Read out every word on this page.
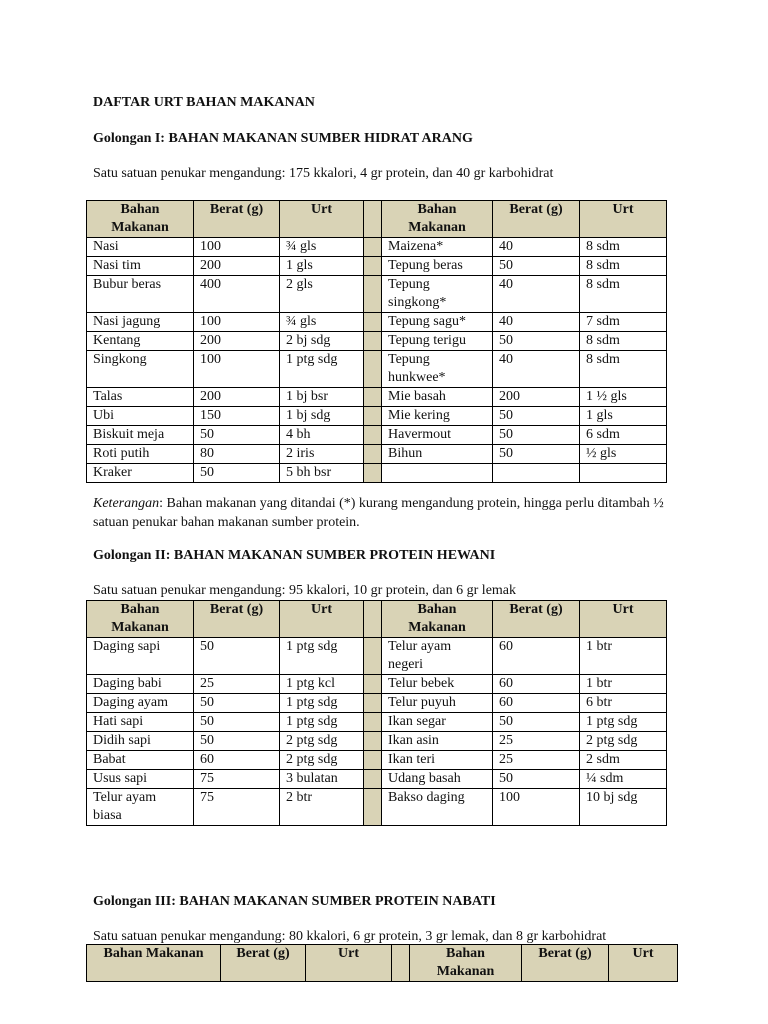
DAFTAR URT BAHAN MAKANAN

Golongan I: BAHAN MAKANAN SUMBER HIDRAT ARANG

Satu satuan penukar mengandung: 175 kkalori, 4 gr protein, dan 40 gr karbohidrat

Bahan Makanan	Berat (g)	Urt		Bahan Makanan	Berat (g)	Urt
Nasi	100	¾ gls		Maizena*	40	8 sdm
Nasi tim	200	1 gls		Tepung beras	50	8 sdm
Bubur beras	400	2 gls		Tepung singkong*	40	8 sdm
Nasi jagung	100	¾ gls		Tepung sagu*	40	7 sdm
Kentang	200	2 bj sdg		Tepung terigu	50	8 sdm
Singkong	100	1 ptg sdg		Tepung hunkwee*	40	8 sdm
Talas	200	1 bj bsr		Mie basah	200	1 ½ gls
Ubi	150	1 bj sdg		Mie kering	50	1 gls
Biskuit meja	50	4 bh		Havermout	50	6 sdm
Roti putih	80	2 iris		Bihun	50	½ gls
Kraker	50	5 bh bsr				

Keterangan: Bahan makanan yang ditandai (*) kurang mengandung protein, hingga perlu ditambah ½ satuan penukar bahan makanan sumber protein.

Golongan II: BAHAN MAKANAN SUMBER PROTEIN HEWANI

Satu satuan penukar mengandung: 95 kkalori, 10 gr protein, dan 6 gr lemak

Bahan Makanan	Berat (g)	Urt		Bahan Makanan	Berat (g)	Urt
Daging sapi	50	1 ptg sdg		Telur ayam negeri	60	1 btr
Daging babi	25	1 ptg kcl		Telur bebek	60	1 btr
Daging ayam	50	1 ptg sdg		Telur puyuh	60	6 btr
Hati sapi	50	1 ptg sdg		Ikan segar	50	1 ptg sdg
Didih sapi	50	2 ptg sdg		Ikan asin	25	2 ptg sdg
Babat	60	2 ptg sdg		Ikan teri	25	2 sdm
Usus sapi	75	3 bulatan		Udang basah	50	¼ sdm
Telur ayam biasa	75	2 btr		Bakso daging	100	10 bj sdg
Golongan III: BAHAN MAKANAN SUMBER PROTEIN NABATI

Satu satuan penukar mengandung: 80 kkalori, 6 gr protein, 3 gr lemak, dan 8 gr karbohidrat

Bahan Makanan	Berat (g)	Urt		Bahan Makanan	Berat (g)	Urt
